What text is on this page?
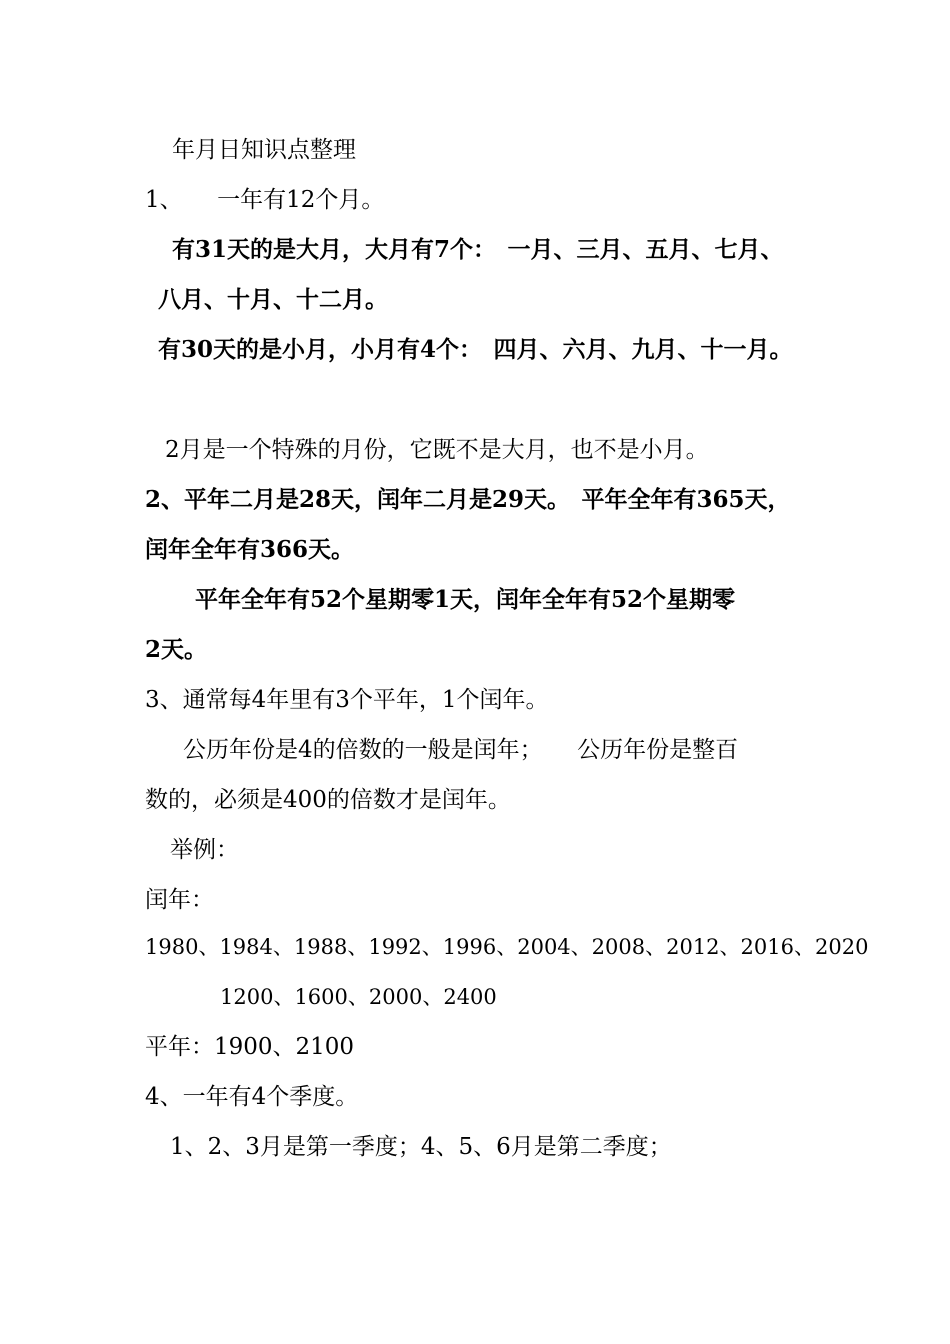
年月日知识点整理
1、　　一年有12个月。
有31天的是大月，大月有7个：　一月、三月、五月、七月、
八月、十月、十二月。
有30天的是小月，小月有4个：　四月、六月、九月、十一月。
2月是一个特殊的月份，它既不是大月，也不是小月。
2、平年二月是28天，闰年二月是29天。　平年全年有365天，
闰年全年有366天。
平年全年有52个星期零1天，闰年全年有52个星期零
2天。
3、通常每4年里有3个平年，1个闰年。
公历年份是4的倍数的一般是闰年；　　公历年份是整百
数的，必须是400的倍数才是闰年。
举例：
闰年：
1980、1984、1988、1992、1996、2004、2008、2012、2016、2020
1200、1600、2000、2400
平年：1900、2100
4、一年有4个季度。
1、2、3月是第一季度；4、5、6月是第二季度；
